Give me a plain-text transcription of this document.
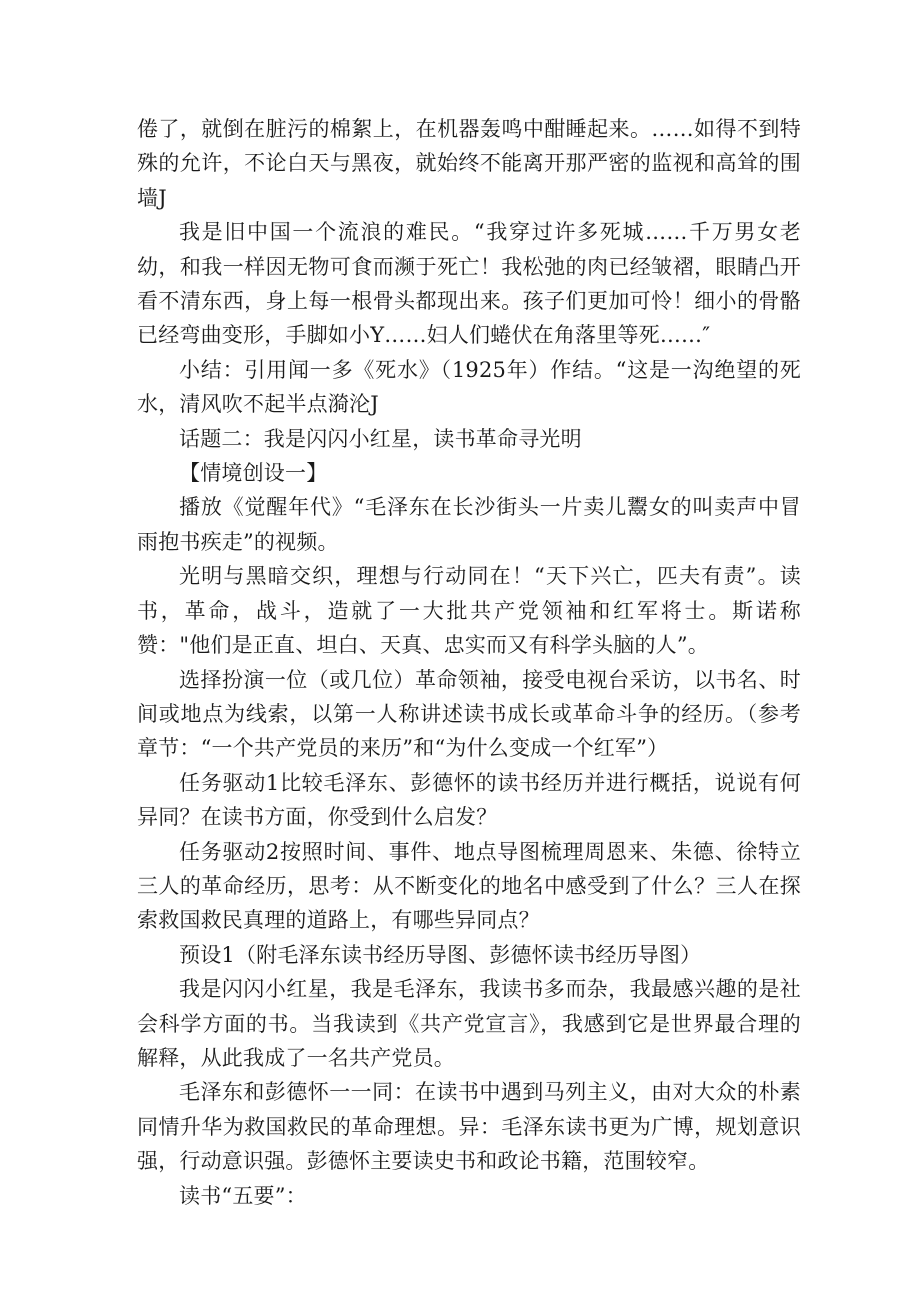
倦了，就倒在脏污的棉絮上，在机器轰鸣中酣睡起来。……如得不到特殊的允许，不论白天与黑夜，就始终不能离开那严密的监视和高耸的围墙J

我是旧中国一个流浪的难民。“我穿过许多死城……千万男女老幼，和我一样因无物可食而濒于死亡！我松弛的肉已经皱褶，眼睛凸开看不清东西，身上每一根骨头都现出来。孩子们更加可怜！细小的骨骼已经弯曲变形，手脚如小Y……妇人们蜷伏在角落里等死……″

小结：引用闻一多《死水》（1925年）作结。“这是一沟绝望的死水，清风吹不起半点漪沦J

话题二：我是闪闪小红星，读书革命寻光明

【情境创设一】

播放《觉醒年代》“毛泽东在长沙街头一片卖儿鬻女的叫卖声中冒雨抱书疾走”的视频。

光明与黑暗交织，理想与行动同在！“天下兴亡，匹夫有责”。读书，革命，战斗，造就了一大批共产党领袖和红军将士。斯诺称赞："他们是正直、坦白、天真、忠实而又有科学头脑的人”。

选择扮演一位（或几位）革命领袖，接受电视台采访，以书名、时间或地点为线索，以第一人称讲述读书成长或革命斗争的经历。（参考章节：“一个共产党员的来历”和“为什么变成一个红军”）

任务驱动1比较毛泽东、彭德怀的读书经历并进行概括，说说有何异同？在读书方面，你受到什么启发？

任务驱动2按照时间、事件、地点导图梳理周恩来、朱德、徐特立三人的革命经历，思考：从不断变化的地名中感受到了什么？三人在探索救国救民真理的道路上，有哪些异同点？

预设1（附毛泽东读书经历导图、彭德怀读书经历导图）

我是闪闪小红星，我是毛泽东，我读书多而杂，我最感兴趣的是社会科学方面的书。当我读到《共产党宣言》，我感到它是世界最合理的解释，从此我成了一名共产党员。

毛泽东和彭德怀一一同：在读书中遇到马列主义，由对大众的朴素同情升华为救国救民的革命理想。异：毛泽东读书更为广博，规划意识强，行动意识强。彭德怀主要读史书和政论书籍，范围较窄。

读书“五要”：
